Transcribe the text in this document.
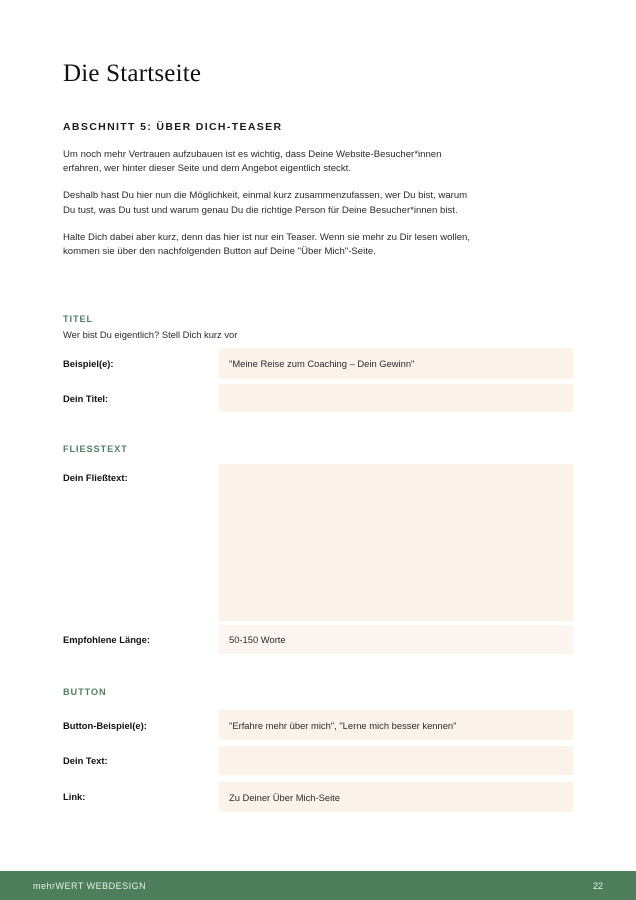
Die Startseite
ABSCHNITT 5: ÜBER DICH-TEASER

Um noch mehr Vertrauen aufzubauen ist es wichtig, dass Deine Website-Besucher*innen erfahren, wer hinter dieser Seite und dem Angebot eigentlich steckt.

Deshalb hast Du hier nun die Möglichkeit, einmal kurz zusammenzufassen, wer Du bist, warum Du tust, was Du tust und warum genau Du die richtige Person für Deine Besucher*innen bist.

Halte Dich dabei aber kurz, denn das hier ist nur ein Teaser. Wenn sie mehr zu Dir lesen wollen, kommen sie über den nachfolgenden Button auf Deine "Über Mich"-Seite.

TITEL
Wer bist Du eigentlich? Stell Dich kurz vor
Beispiel(e):	"Meine Reise zum Coaching – Dein Gewinn"
Dein Titel:
FLIESSTEXT
Dein Fließtext:
Empfohlene Länge:	50-150 Worte
BUTTON
Button-Beispiel(e):	"Erfahre mehr über mich", "Lerne mich besser kennen"
Dein Text:
Link:	Zu Deiner Über Mich-Seite
mehrWERT WEBDESIGN	22
